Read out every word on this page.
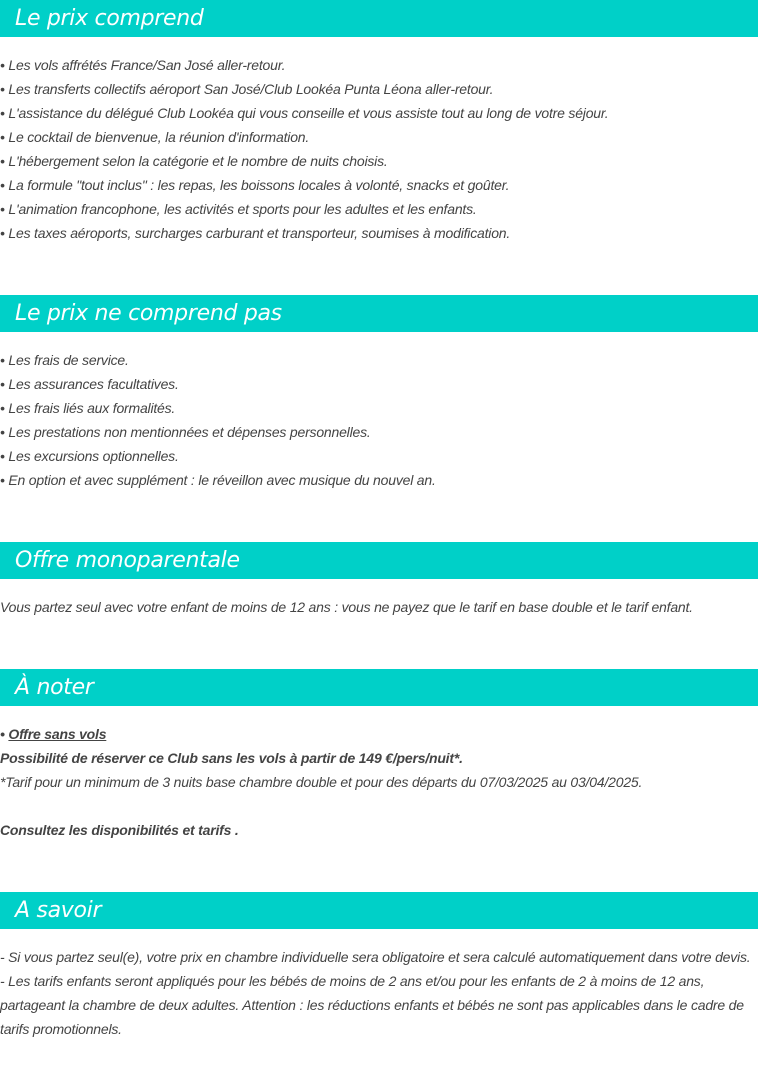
Le prix comprend
• Les vols affrétés France/San José aller-retour.
• Les transferts collectifs aéroport San José/Club Lookéa Punta Léona aller-retour.
• L'assistance du délégué Club Lookéa qui vous conseille et vous assiste tout au long de votre séjour.
• Le cocktail de bienvenue, la réunion d'information.
• L'hébergement selon la catégorie et le nombre de nuits choisis.
• La formule "tout inclus" : les repas, les boissons locales à volonté, snacks et goûter.
• L'animation francophone, les activités et sports pour les adultes et les enfants.
• Les taxes aéroports, surcharges carburant et transporteur, soumises à modification.
Le prix ne comprend pas
• Les frais de service.
• Les assurances facultatives.
• Les frais liés aux formalités.
• Les prestations non mentionnées et dépenses personnelles.
• Les excursions optionnelles.
• En option et avec supplément : le réveillon avec musique du nouvel an.
Offre monoparentale
Vous partez seul avec votre enfant de moins de 12 ans : vous ne payez que le tarif en base double et le tarif enfant.
À noter
• Offre sans vols
Possibilité de réserver ce Club sans les vols à partir de 149 €/pers/nuit*.
*Tarif pour un minimum de 3 nuits base chambre double et pour des départs du 07/03/2025 au 03/04/2025.
Consultez les disponibilités et tarifs .
A savoir
- Si vous partez seul(e), votre prix en chambre individuelle sera obligatoire et sera calculé automatiquement dans votre devis.
- Les tarifs enfants seront appliqués pour les bébés de moins de 2 ans et/ou pour les enfants de 2 à moins de 12 ans, partageant la chambre de deux adultes. Attention : les réductions enfants et bébés ne sont pas applicables dans le cadre de tarifs promotionnels.
